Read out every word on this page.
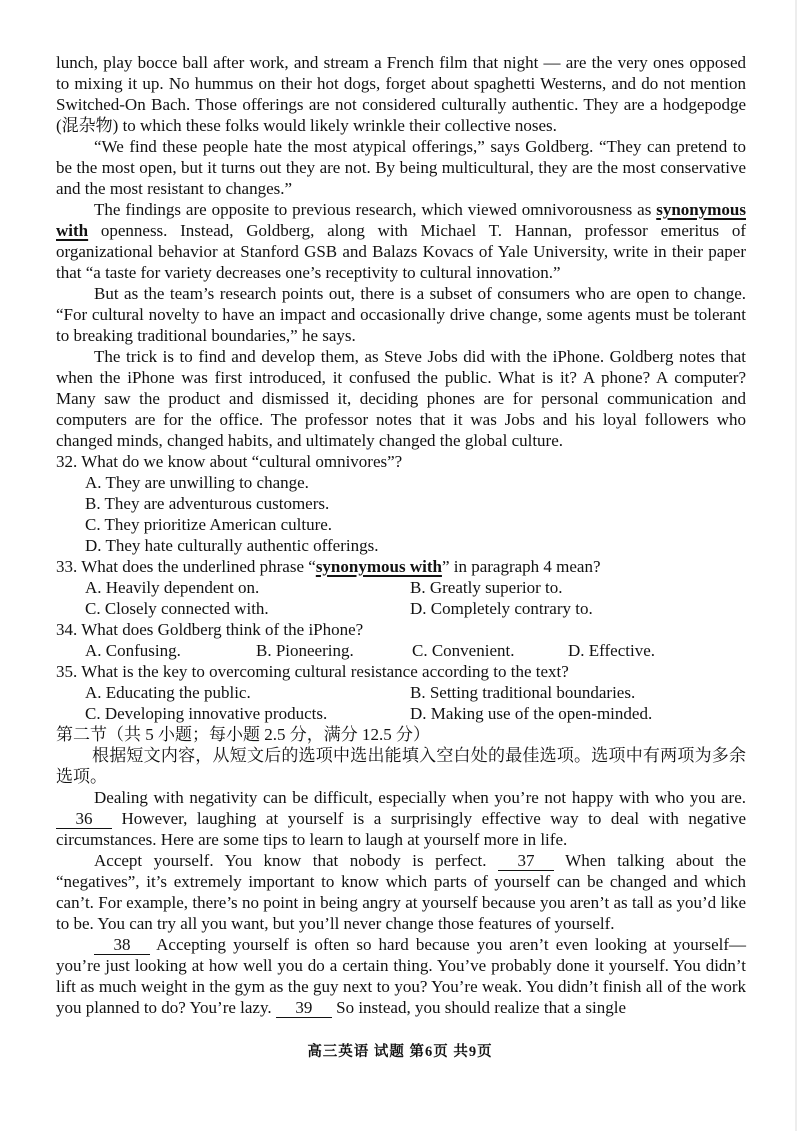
lunch, play bocce ball after work, and stream a French film that night — are the very ones opposed to mixing it up. No hummus on their hot dogs, forget about spaghetti Westerns, and do not mention Switched-On Bach. Those offerings are not considered culturally authentic. They are a hodgepodge (混杂物) to which these folks would likely wrinkle their collective noses.

“We find these people hate the most atypical offerings,” says Goldberg. “They can pretend to be the most open, but it turns out they are not. By being multicultural, they are the most conservative and the most resistant to changes.”

The findings are opposite to previous research, which viewed omnivorousness as synonymous with openness. Instead, Goldberg, along with Michael T. Hannan, professor emeritus of organizational behavior at Stanford GSB and Balazs Kovacs of Yale University, write in their paper that “a taste for variety decreases one’s receptivity to cultural innovation.”

But as the team’s research points out, there is a subset of consumers who are open to change. “For cultural novelty to have an impact and occasionally drive change, some agents must be tolerant to breaking traditional boundaries,” he says.

The trick is to find and develop them, as Steve Jobs did with the iPhone. Goldberg notes that when the iPhone was first introduced, it confused the public. What is it? A phone? A computer? Many saw the product and dismissed it, deciding phones are for personal communication and computers are for the office. The professor notes that it was Jobs and his loyal followers who changed minds, changed habits, and ultimately changed the global culture.

32. What do we know about “cultural omnivores”?

A. They are unwilling to change.

B. They are adventurous customers.

C. They prioritize American culture.

D. They hate culturally authentic offerings.

33. What does the underlined phrase “synonymous with” in paragraph 4 mean?

A. Heavily dependent on.	B. Greatly superior to.

C. Closely connected with.	D. Completely contrary to.

34. What does Goldberg think of the iPhone?

A. Confusing.	B. Pioneering.	C. Convenient.	D. Effective.

35. What is the key to overcoming cultural resistance according to the text?

A. Educating the public.	B. Setting traditional boundaries.

C. Developing innovative products.	D. Making use of the open-minded.

第二节（共 5 小题；每小题 2.5 分，满分 12.5 分）

根据短文内容，从短文后的选项中选出能填入空白处的最佳选项。选项中有两项为多余选项。

Dealing with negativity can be difficult, especially when you’re not happy with who you are. 36 However, laughing at yourself is a surprisingly effective way to deal with negative circumstances. Here are some tips to learn to laugh at yourself more in life.

Accept yourself. You know that nobody is perfect. 37 When talking about the “negatives”, it’s extremely important to know which parts of yourself can be changed and which can’t. For example, there’s no point in being angry at yourself because you aren’t as tall as you’d like to be. You can try all you want, but you’ll never change those features of yourself.

38 Accepting yourself is often so hard because you aren’t even looking at yourself—you’re just looking at how well you do a certain thing. You’ve probably done it yourself. You didn’t lift as much weight in the gym as the guy next to you? You’re weak. You didn’t finish all of the work you planned to do? You’re lazy. 39 So instead, you should realize that a single

高三英语 试题 第6页 共9页
